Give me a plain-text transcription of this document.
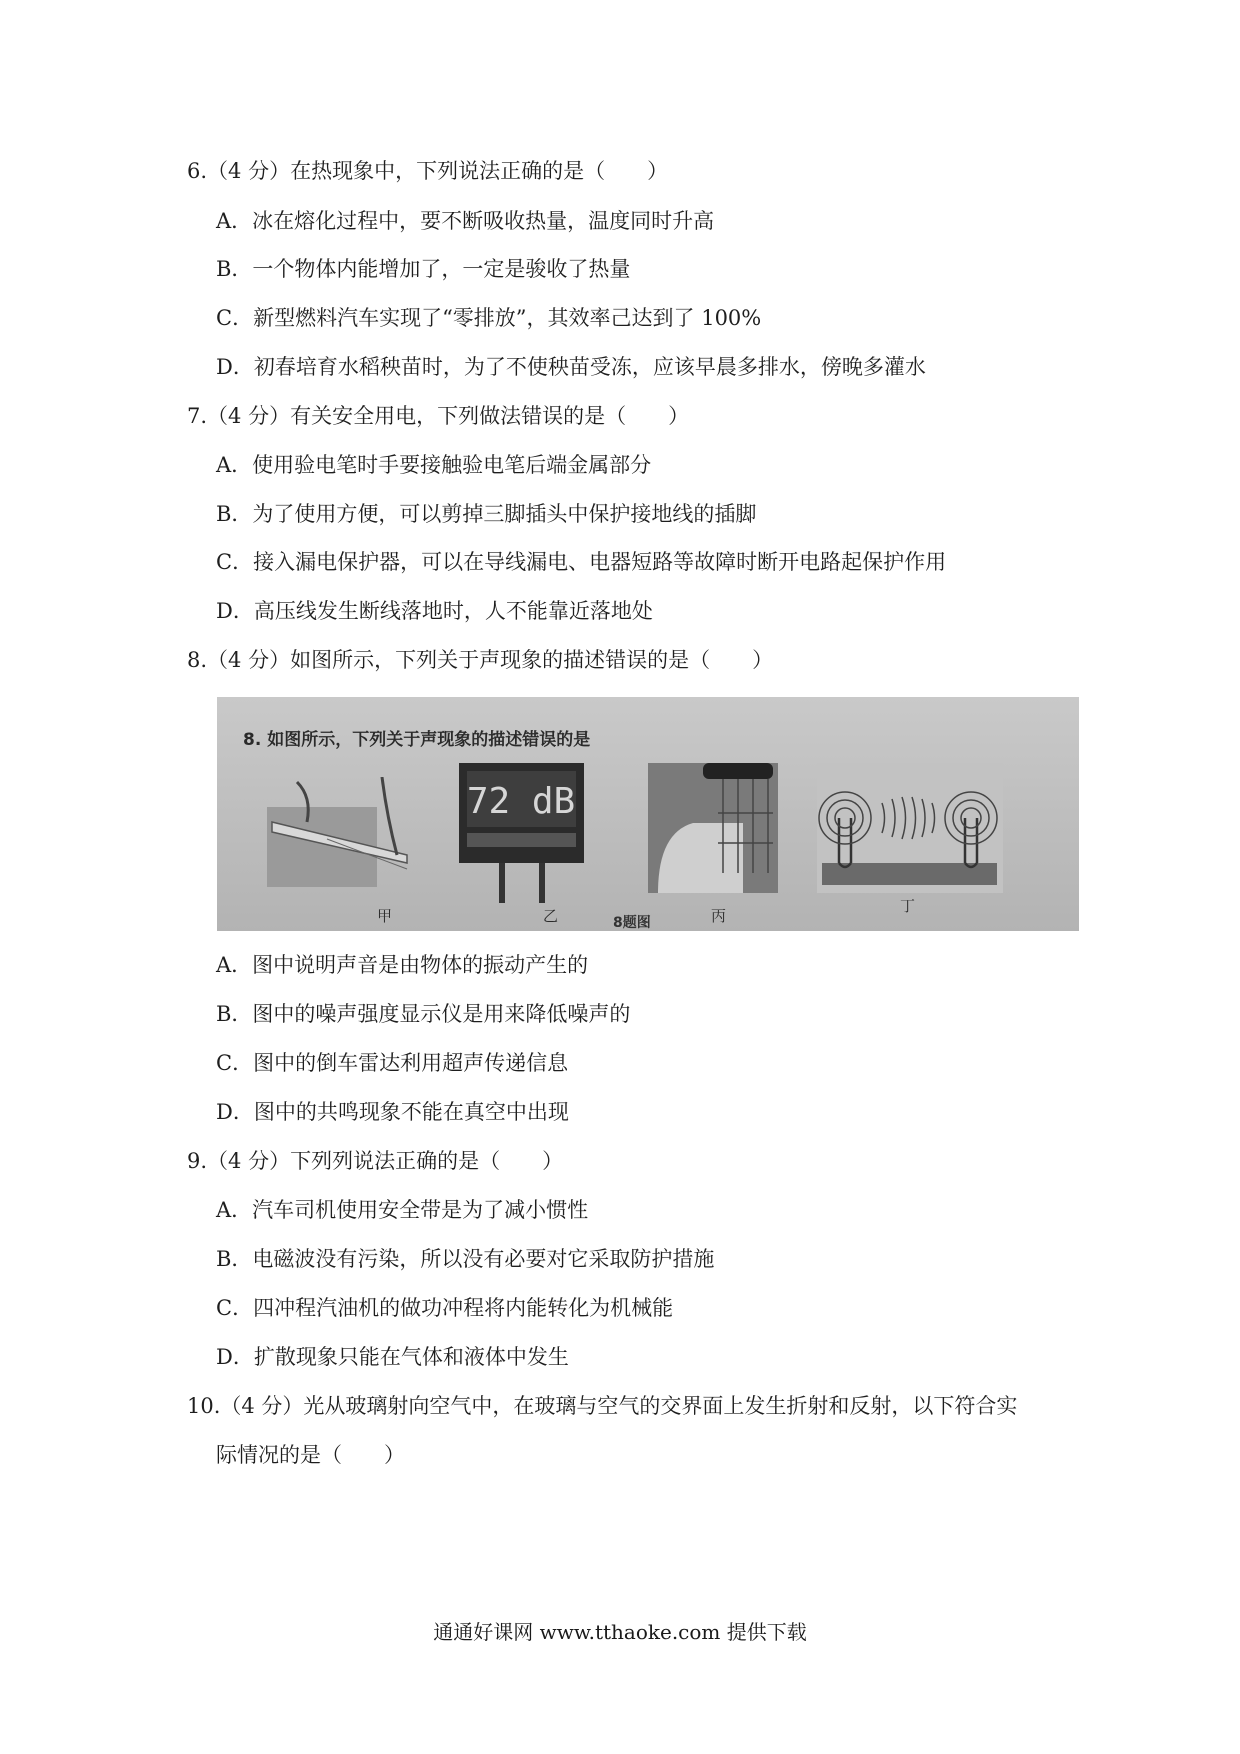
6.（4 分）在热现象中，下列说法正确的是（　　）
A．冰在熔化过程中，要不断吸收热量，温度同时升高
B．一个物体内能增加了，一定是骏收了热量
C．新型燃料汽车实现了“零排放”，其效率己达到了 100%
D．初春培育水稻秧苗时，为了不使秧苗受冻，应该早晨多排水，傍晚多灌水
7.（4 分）有关安全用电，下列做法错误的是（　　）
A．使用验电笔时手要接触验电笔后端金属部分
B．为了使用方便，可以剪掉三脚插头中保护接地线的插脚
C．接入漏电保护器，可以在导线漏电、电器短路等故障时断开电路起保护作用
D．高压线发生断线落地时，人不能靠近落地处
8.（4 分）如图所示，下列关于声现象的描述错误的是（　　）
8. 如图所示，下列关于声现象的描述错误的是
甲
72 dB
乙	丙
丁
8题图
A．图中说明声音是由物体的振动产生的
B．图中的噪声强度显示仪是用来降低噪声的
C．图中的倒车雷达利用超声传递信息
D．图中的共鸣现象不能在真空中出现
9.（4 分）下列列说法正确的是（　　）
A．汽车司机使用安全带是为了减小惯性
B．电磁波没有污染，所以没有必要对它采取防护措施
C．四冲程汽油机的做功冲程将内能转化为机械能
D．扩散现象只能在气体和液体中发生
10.（4 分）光从玻璃射向空气中，在玻璃与空气的交界面上发生折射和反射，以下符合实
际情况的是（　　）
通通好课网 www.tthaoke.com 提供下载
